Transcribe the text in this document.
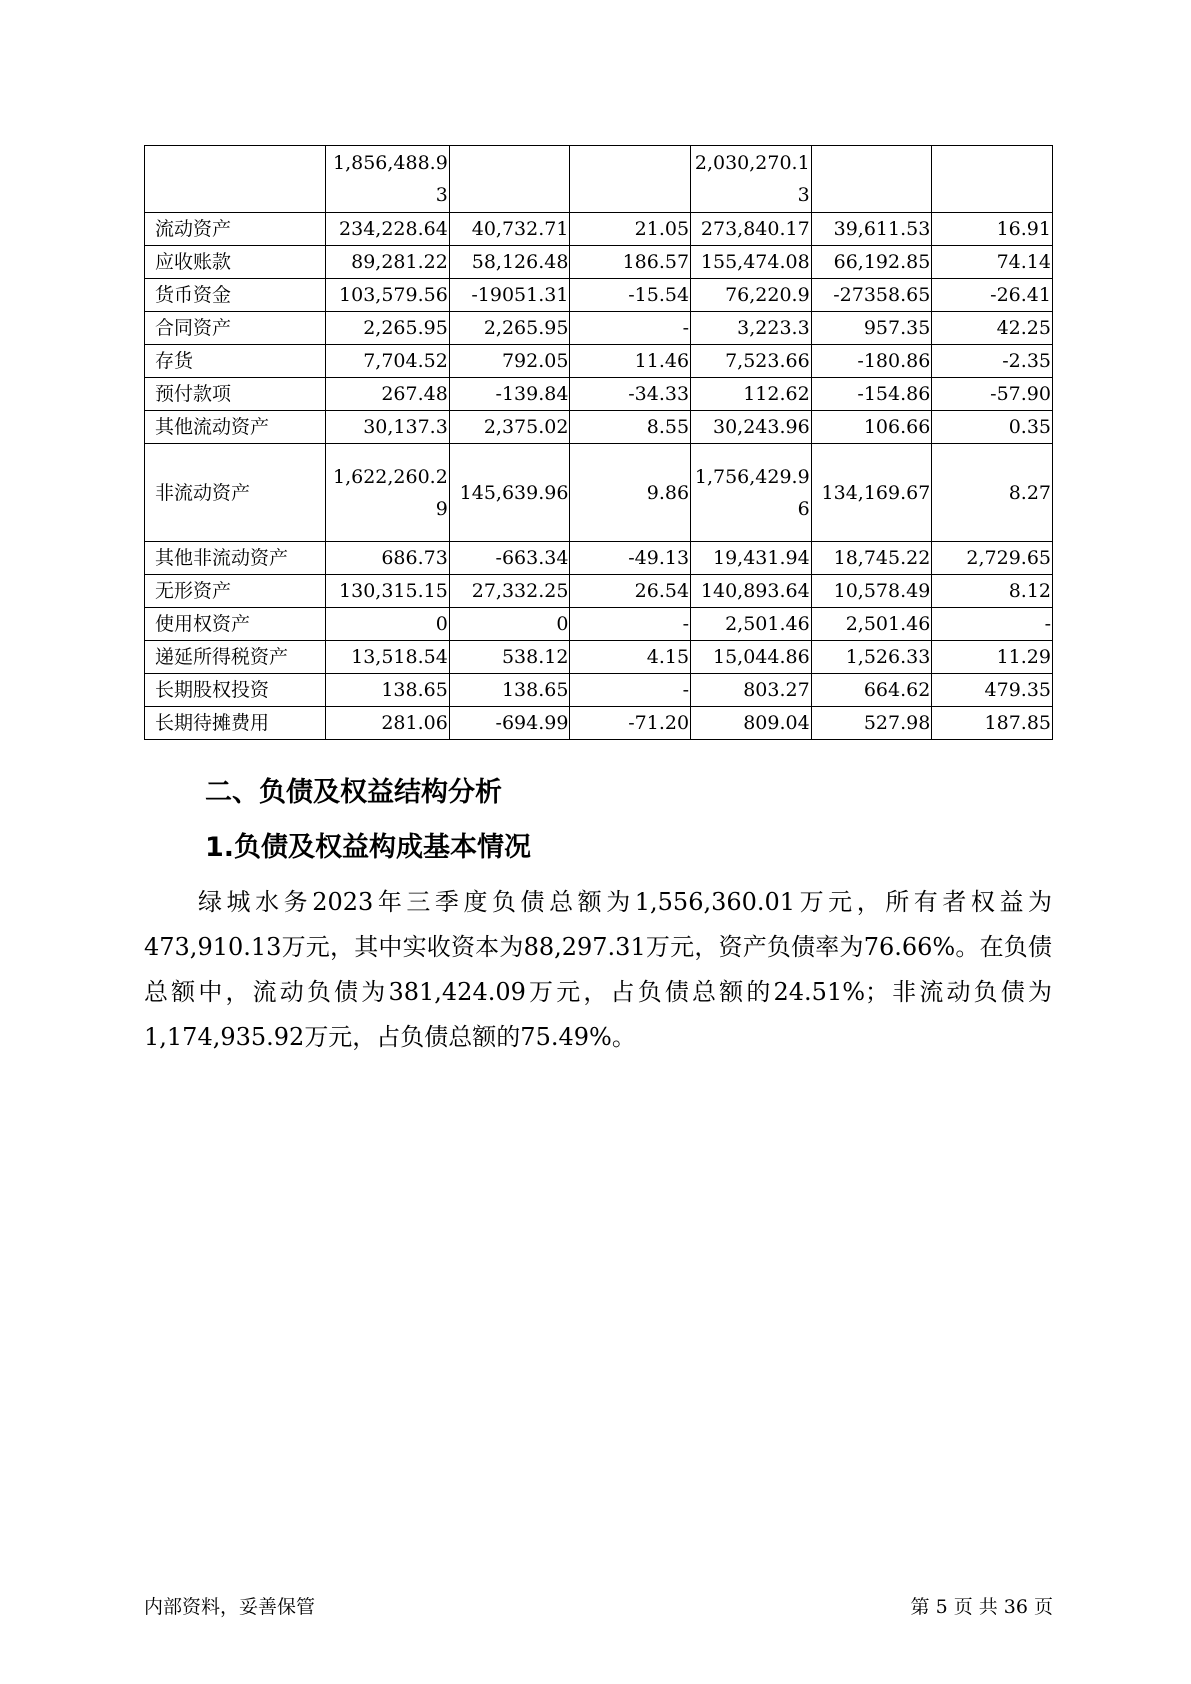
	1,856,488.93			2,030,270.13		

流动资产	234,228.64	40,732.71	21.05	273,840.17	39,611.53	16.91
应收账款	89,281.22	58,126.48	186.57	155,474.08	66,192.85	74.14
货币资金	103,579.56	-19051.31	-15.54	76,220.9	-27358.65	-26.41
合同资产	2,265.95	2,265.95	-	3,223.3	957.35	42.25
存货	7,704.52	792.05	11.46	7,523.66	-180.86	-2.35
预付款项	267.48	-139.84	-34.33	112.62	-154.86	-57.90
其他流动资产	30,137.3	2,375.02	8.55	30,243.96	106.66	0.35
非流动资产	1,622,260.29	145,639.96	9.86	1,756,429.96	134,169.67	8.27
其他非流动资产	686.73	-663.34	-49.13	19,431.94	18,745.22	2,729.65
无形资产	130,315.15	27,332.25	26.54	140,893.64	10,578.49	8.12
使用权资产	0	0	-	2,501.46	2,501.46	-
递延所得税资产	13,518.54	538.12	4.15	15,044.86	1,526.33	11.29
长期股权投资	138.65	138.65	-	803.27	664.62	479.35
长期待摊费用	281.06	-694.99	-71.20	809.04	527.98	187.85
二、负债及权益结构分析
1.负债及权益构成基本情况

绿城水务2023年三季度负债总额为1,556,360.01万元，所有者权益为473,910.13万元，其中实收资本为88,297.31万元，资产负债率为76.66%。在负债总额中，流动负债为381,424.09万元，占负债总额的24.51%；非流动负债为1,174,935.92万元，占负债总额的75.49%。

内部资料，妥善保管	第 5 页 共 36 页
